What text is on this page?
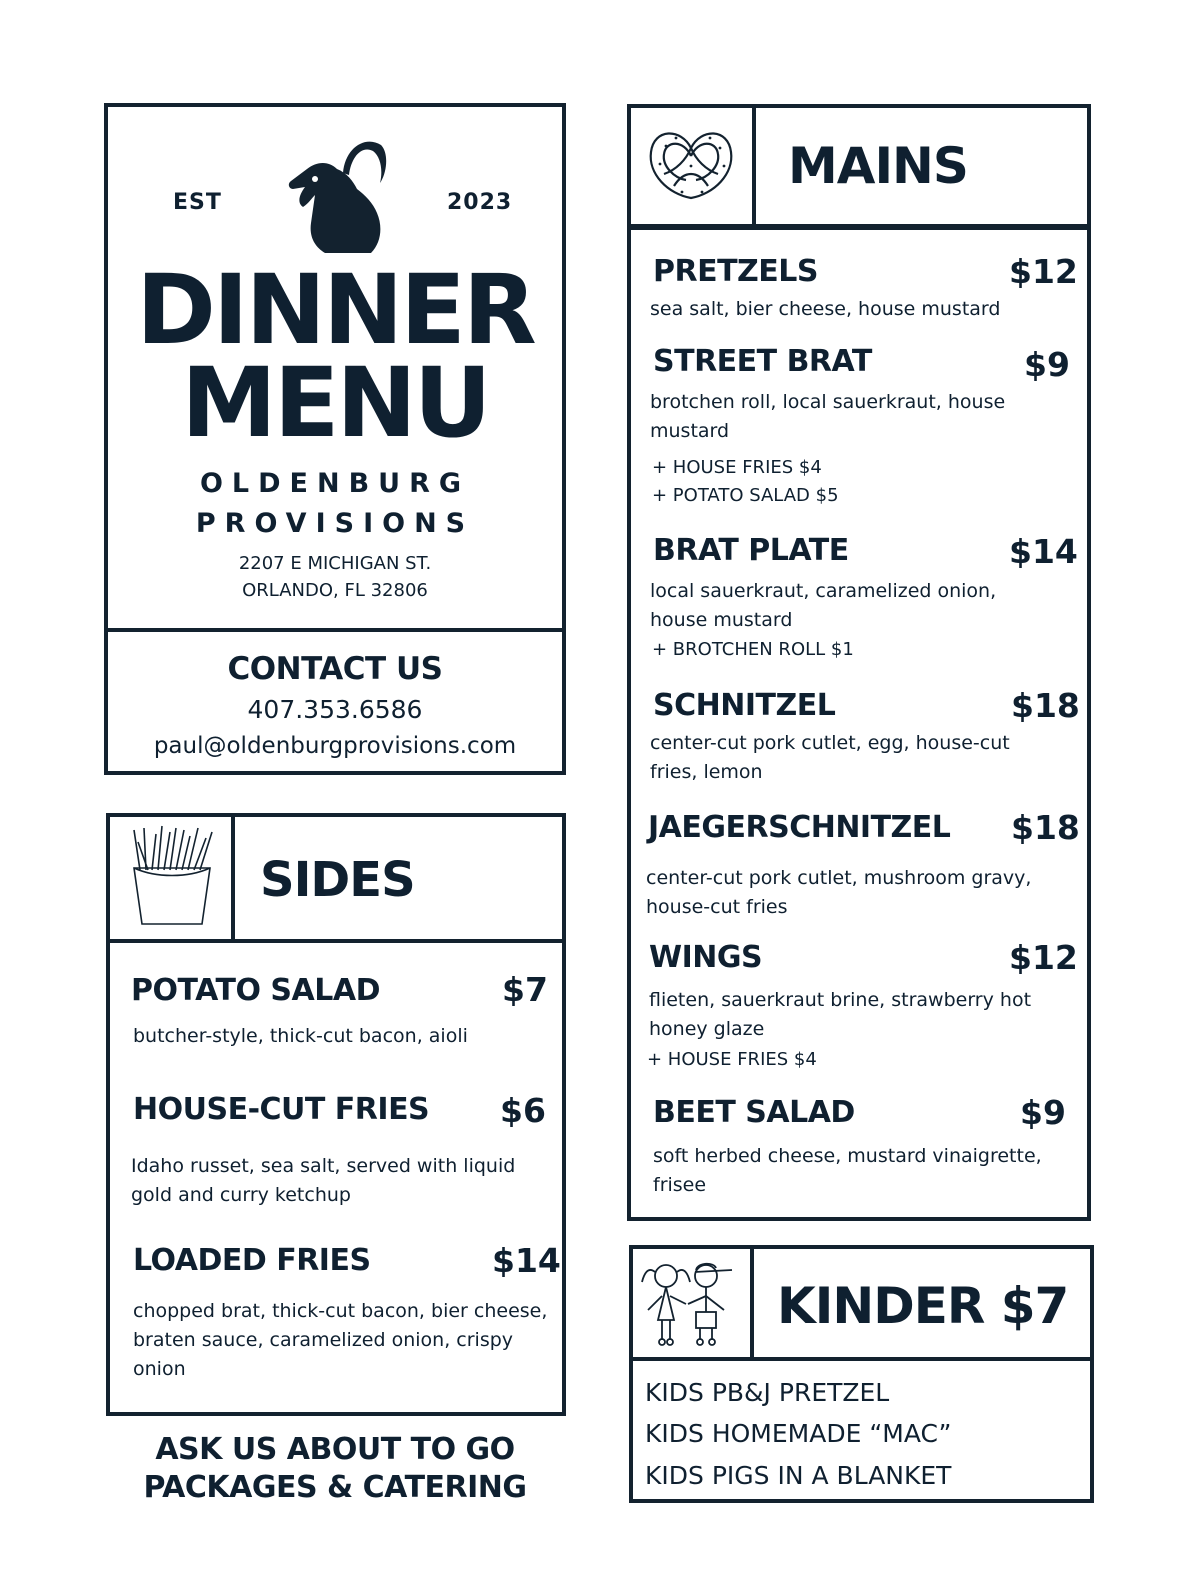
EST	2023
DINNER
MENU
OLDENBURG
PROVISIONS
2207 E MICHIGAN ST.
ORLANDO, FL 32806
CONTACT US
407.353.6586
paul@oldenburgprovisions.com
SIDES
POTATO SALAD	$7
butcher-style, thick-cut bacon, aioli
HOUSE-CUT FRIES $6
Idaho russet, sea salt, served with liquid gold and curry ketchup
LOADED FRIES	$14
chopped brat, thick-cut bacon, bier cheese, braten sauce, caramelized onion, crispy onion
ASK US ABOUT TO GO
PACKAGES & CATERING
MAINS
PRETZELS	$12
sea salt, bier cheese, house mustard
STREET BRAT	$9
brotchen roll, local sauerkraut, house mustard
+ HOUSE FRIES $4
+ POTATO SALAD $5
BRAT PLATE	$14
local sauerkraut, caramelized onion, house mustard
+ BROTCHEN ROLL $1
SCHNITZEL	$18
center-cut pork cutlet, egg, house-cut fries, lemon
JAEGERSCHNITZEL $18
center-cut pork cutlet, mushroom gravy, house-cut fries
WINGS	$12
flieten, sauerkraut brine, strawberry hot honey glaze
+ HOUSE FRIES $4
BEET SALAD	$9
soft herbed cheese, mustard vinaigrette, frisee
KINDER $7
KIDS PB&J PRETZEL
KIDS HOMEMADE “MAC”
KIDS PIGS IN A BLANKET
